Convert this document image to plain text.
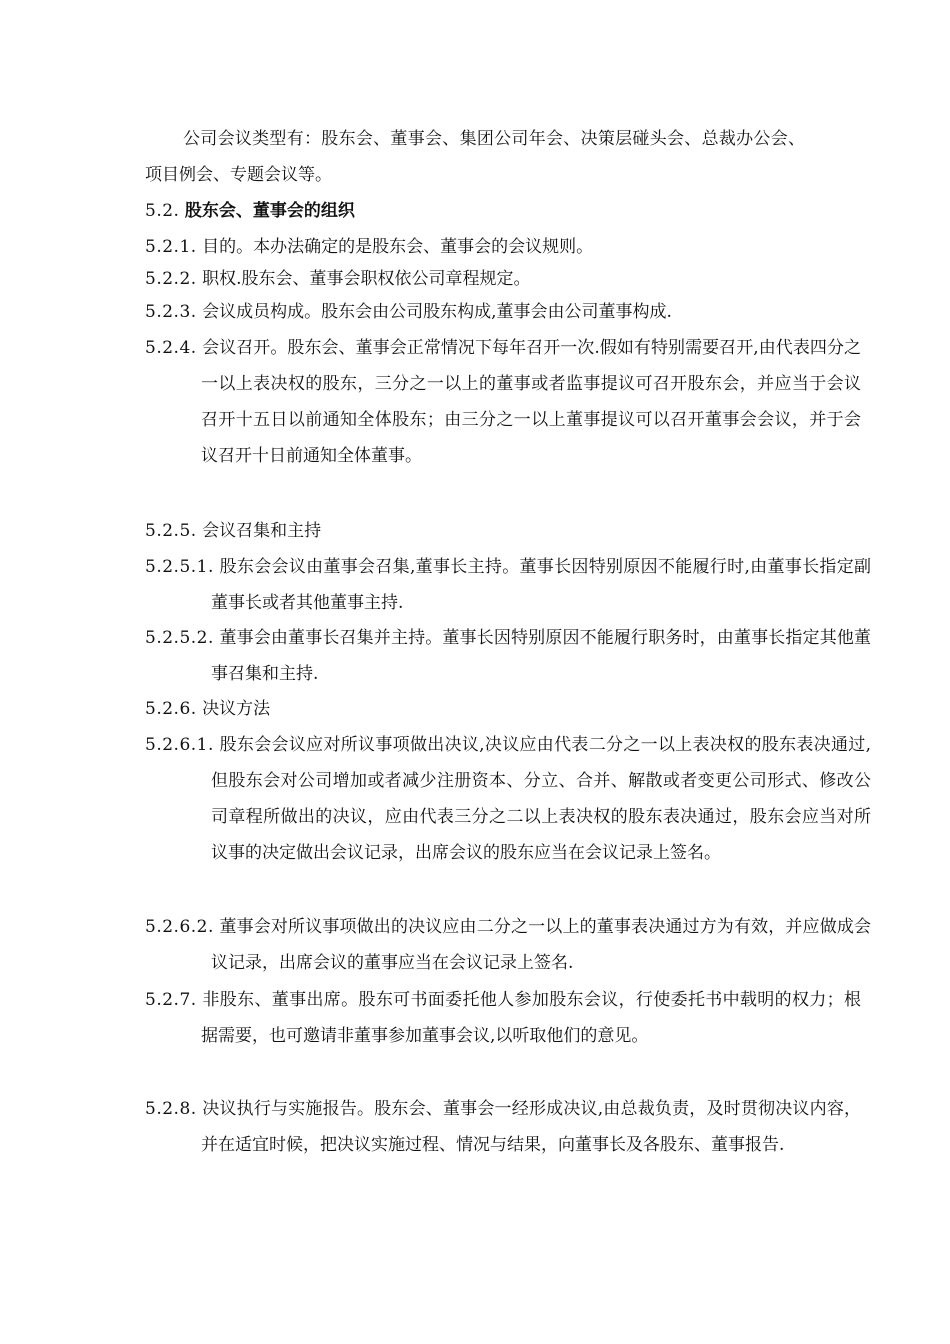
公司会议类型有：股东会、董事会、集团公司年会、决策层碰头会、总裁办公会、项目例会、专题会议等。

5.2. 股东会、董事会的组织

5.2.1. 目的。本办法确定的是股东会、董事会的会议规则。

5.2.2. 职权.股东会、董事会职权依公司章程规定。

5.2.3. 会议成员构成。股东会由公司股东构成,董事会由公司董事构成.

5.2.4. 会议召开。股东会、董事会正常情况下每年召开一次.假如有特别需要召开,由代表四分之一以上表决权的股东，三分之一以上的董事或者监事提议可召开股东会，并应当于会议召开十五日以前通知全体股东；由三分之一以上董事提议可以召开董事会会议，并于会议召开十日前通知全体董事。

5.2.5. 会议召集和主持

5.2.5.1. 股东会会议由董事会召集,董事长主持。董事长因特别原因不能履行时,由董事长指定副董事长或者其他董事主持.

5.2.5.2. 董事会由董事长召集并主持。董事长因特别原因不能履行职务时，由董事长指定其他董事召集和主持.

5.2.6. 决议方法

5.2.6.1. 股东会会议应对所议事项做出决议,决议应由代表二分之一以上表决权的股东表决通过,但股东会对公司增加或者减少注册资本、分立、合并、解散或者变更公司形式、修改公司章程所做出的决议，应由代表三分之二以上表决权的股东表决通过，股东会应当对所议事的决定做出会议记录，出席会议的股东应当在会议记录上签名。

5.2.6.2. 董事会对所议事项做出的决议应由二分之一以上的董事表决通过方为有效，并应做成会议记录，出席会议的董事应当在会议记录上签名.

5.2.7. 非股东、董事出席。股东可书面委托他人参加股东会议，行使委托书中载明的权力；根据需要，也可邀请非董事参加董事会议,以听取他们的意见。

5.2.8. 决议执行与实施报告。股东会、董事会一经形成决议,由总裁负责，及时贯彻决议内容，并在适宜时候，把决议实施过程、情况与结果，向董事长及各股东、董事报告.
